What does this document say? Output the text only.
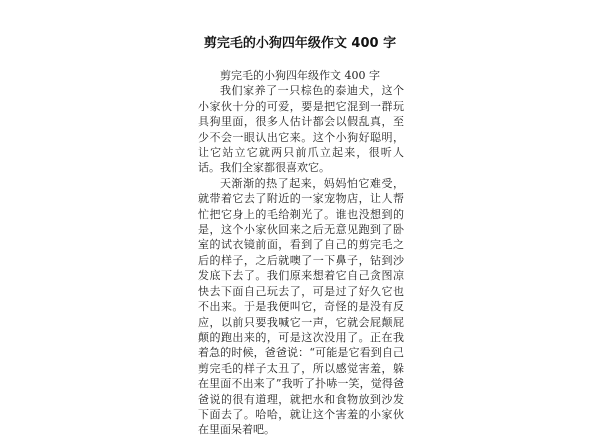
剪完毛的小狗四年级作文 400 字

剪完毛的小狗四年级作文 400 字

我们家养了一只棕色的泰迪犬，这个小家伙十分的可爱，要是把它混到一群玩具狗里面，很多人估计都会以假乱真，至少不会一眼认出它来。这个小狗好聪明，让它站立它就两只前爪立起来，很听人话。我们全家都很喜欢它。

天渐渐的热了起来，妈妈怕它难受，就带着它去了附近的一家宠物店，让人帮忙把它身上的毛给剃光了。谁也没想到的是，这个小家伙回来之后无意见跑到了卧室的试衣镜前面，看到了自己的剪完毛之后的样子，之后就噢了一下鼻子，钻到沙发底下去了。我们原来想着它自己贪图凉快去下面自己玩去了，可是过了好久它也不出来。于是我便叫它，奇怪的是没有反应，以前只要我喊它一声，它就会屁颠屁颠的跑出来的，可是这次没用了。正在我着急的时候，爸爸说：“可能是它看到自己剪完毛的样子太丑了，所以感觉害羞，躲在里面不出来了”我听了扑哧一笑，觉得爸爸说的很有道理，就把水和食物放到沙发下面去了。哈哈，就让这个害羞的小家伙在里面呆着吧。
